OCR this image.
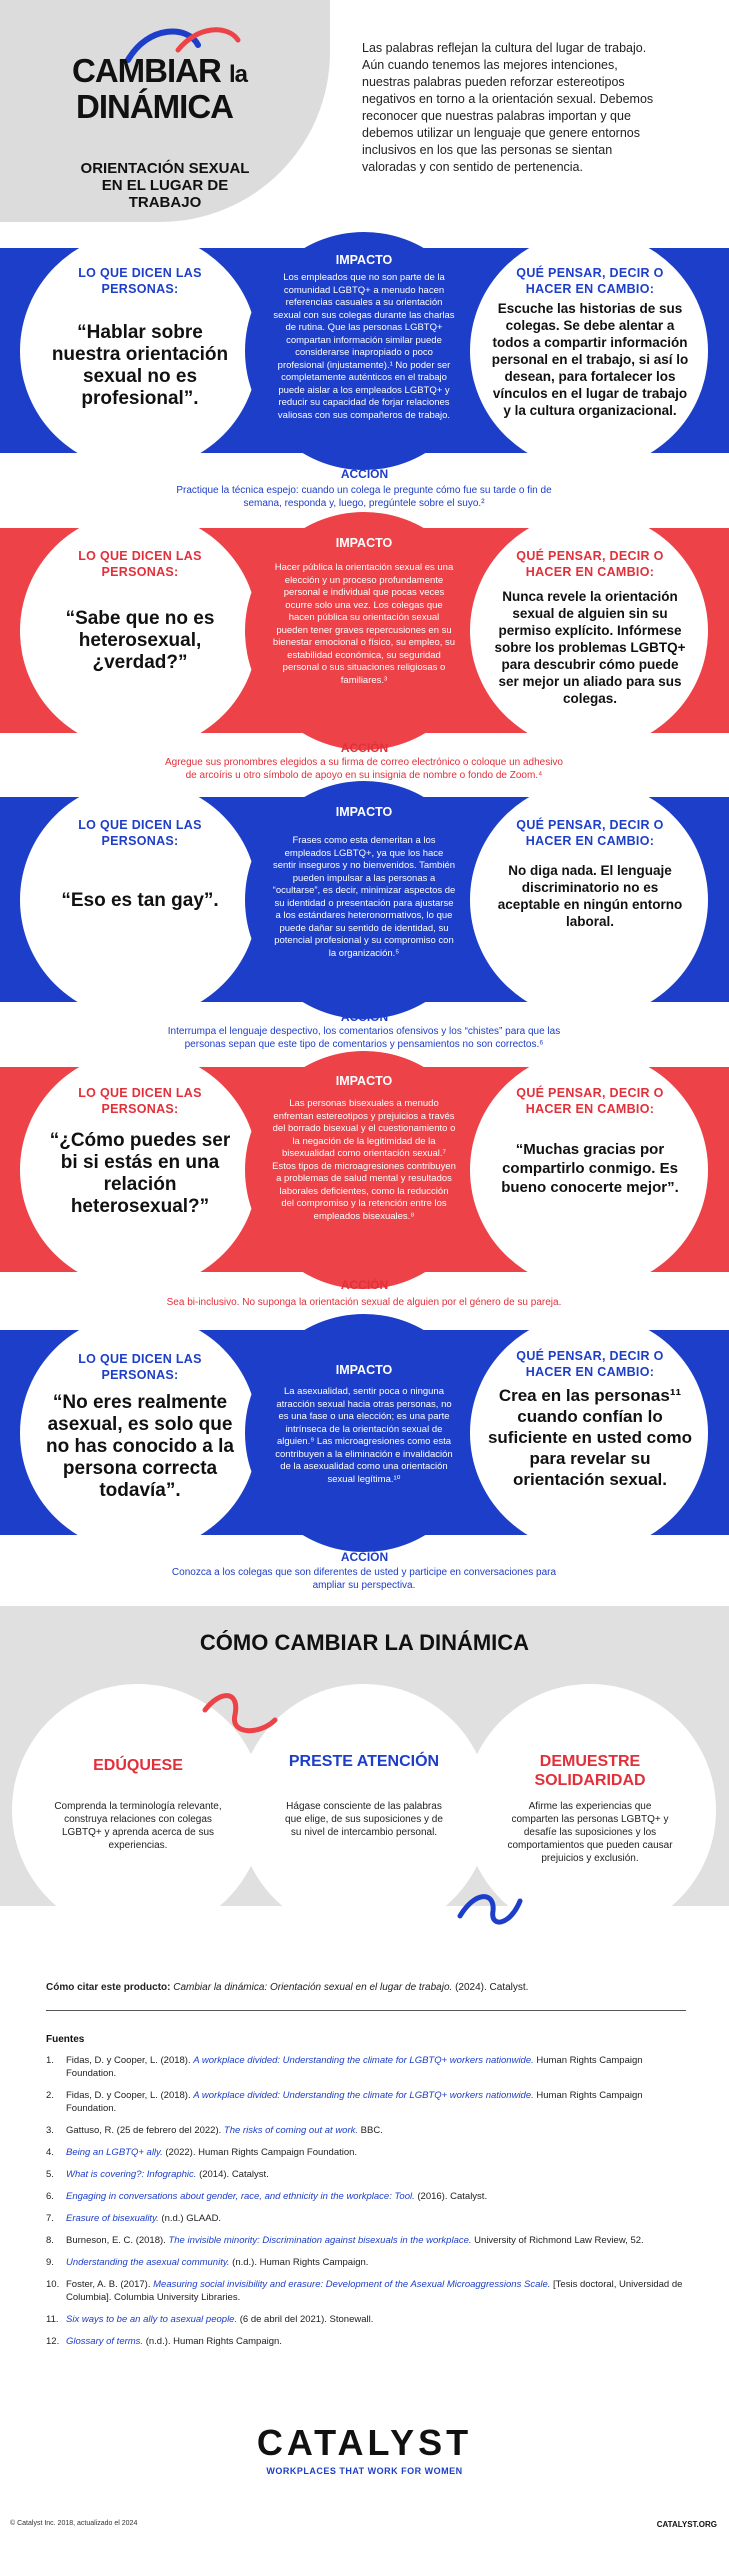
CAMBIAR la
DINÁMICA
ORIENTACIÓN SEXUAL EN EL LUGAR DE TRABAJO
Las palabras reflejan la cultura del lugar de trabajo. Aún cuando tenemos las mejores intenciones, nuestras palabras pueden reforzar estereotipos negativos en torno a la orientación sexual. Debemos reconocer que nuestras palabras importan y que debemos utilizar un lenguaje que genere entornos inclusivos en los que las personas se sientan valoradas y con sentido de pertenencia.
LO QUE DICEN LAS PERSONAS:
“Hablar sobre nuestra orientación sexual no es profesional”.
IMPACTO
Los empleados que no son parte de la comunidad LGBTQ+ a menudo hacen referencias casuales a su orientación sexual con sus colegas durante las charlas de rutina. Que las personas LGBTQ+ compartan información similar puede considerarse inapropiado o poco profesional (injustamente).¹ No poder ser completamente auténticos en el trabajo puede aislar a los empleados LGBTQ+ y reducir su capacidad de forjar relaciones valiosas con sus compañeros de trabajo.
QUÉ PENSAR, DECIR O HACER EN CAMBIO:
Escuche las historias de sus colegas. Se debe alentar a todos a compartir información personal en el trabajo, si así lo desean, para fortalecer los vínculos en el lugar de trabajo y la cultura organizacional.
ACCIÓN
Practique la técnica espejo: cuando un colega le pregunte cómo fue su tarde o fin de semana, responda y, luego, pregúntele sobre el suyo.²
LO QUE DICEN LAS PERSONAS:
“Sabe que no es heterosexual, ¿verdad?”
IMPACTO
Hacer pública la orientación sexual es una elección y un proceso profundamente personal e individual que pocas veces ocurre solo una vez. Los colegas que hacen pública su orientación sexual pueden tener graves repercusiones en su bienestar emocional o físico, su empleo, su estabilidad económica, su seguridad personal o sus situaciones religiosas o familiares.³
QUÉ PENSAR, DECIR O HACER EN CAMBIO:
Nunca revele la orientación sexual de alguien sin su permiso explícito. Infórmese sobre los problemas LGBTQ+ para descubrir cómo puede ser mejor un aliado para sus colegas.
ACCIÓN
Agregue sus pronombres elegidos a su firma de correo electrónico o coloque un adhesivo de arcoíris u otro símbolo de apoyo en su insignia de nombre o fondo de Zoom.⁴
LO QUE DICEN LAS PERSONAS:
“Eso es tan gay”.
IMPACTO
Frases como esta demeritan a los empleados LGBTQ+, ya que los hace sentir inseguros y no bienvenidos. También pueden impulsar a las personas a “ocultarse”, es decir, minimizar aspectos de su identidad o presentación para ajustarse a los estándares heteronormativos, lo que puede dañar su sentido de identidad, su potencial profesional y su compromiso con la organización.⁵
QUÉ PENSAR, DECIR O HACER EN CAMBIO:
No diga nada. El lenguaje discriminatorio no es aceptable en ningún entorno laboral.
ACCIÓN
Interrumpa el lenguaje despectivo, los comentarios ofensivos y los “chistes” para que las personas sepan que este tipo de comentarios y pensamientos no son correctos.⁶
LO QUE DICEN LAS PERSONAS:
“¿Cómo puedes ser bi si estás en una relación heterosexual?”
IMPACTO
Las personas bisexuales a menudo enfrentan estereotipos y prejuicios a través del borrado bisexual y el cuestionamiento o la negación de la legitimidad de la bisexualidad como orientación sexual.⁷ Estos tipos de microagresiones contribuyen a problemas de salud mental y resultados laborales deficientes, como la reducción del compromiso y la retención entre los empleados bisexuales.⁸
QUÉ PENSAR, DECIR O HACER EN CAMBIO:
“Muchas gracias por compartirlo conmigo. Es bueno conocerte mejor”.
ACCIÓN
Sea bi-inclusivo. No suponga la orientación sexual de alguien por el género de su pareja.
LO QUE DICEN LAS PERSONAS:
“No eres realmente asexual, es solo que no has conocido a la persona correcta todavía”.
IMPACTO
La asexualidad, sentir poca o ninguna atracción sexual hacia otras personas, no es una fase o una elección; es una parte intrínseca de la orientación sexual de alguien.⁹ Las microagresiones como esta contribuyen a la eliminación e invalidación de la asexualidad como una orientación sexual legítima.¹⁰
QUÉ PENSAR, DECIR O HACER EN CAMBIO:
Crea en las personas¹¹ cuando confían lo suficiente en usted como para revelar su orientación sexual.
ACCIÓN
Conozca a los colegas que son diferentes de usted y participe en conversaciones para ampliar su perspectiva.
CÓMO CAMBIAR LA DINÁMICA
EDÚQUESE
Comprenda la terminología relevante, construya relaciones con colegas LGBTQ+ y aprenda acerca de sus experiencias.
PRESTE ATENCIÓN
Hágase consciente de las palabras que elige, de sus suposiciones y de su nivel de intercambio personal.
DEMUESTRE SOLIDARIDAD
Afirme las experiencias que comparten las personas LGBTQ+ y desafíe las suposiciones y los comportamientos que pueden causar prejuicios y exclusión.
Cómo citar este producto: Cambiar la dinámica: Orientación sexual en el lugar de trabajo. (2024). Catalyst.
Fuentes
1.	Fidas, D. y Cooper, L. (2018). A workplace divided: Understanding the climate for LGBTQ+ workers nationwide. Human Rights Campaign Foundation.
2.	Fidas, D. y Cooper, L. (2018). A workplace divided: Understanding the climate for LGBTQ+ workers nationwide. Human Rights Campaign Foundation.
3.	Gattuso, R. (25 de febrero del 2022). The risks of coming out at work. BBC.
4.	Being an LGBTQ+ ally. (2022). Human Rights Campaign Foundation.
5.	What is covering?: Infographic. (2014). Catalyst.
6.	Engaging in conversations about gender, race, and ethnicity in the workplace: Tool. (2016). Catalyst.
7.	Erasure of bisexuality. (n.d.) GLAAD.
8.	Burneson, E. C. (2018). The invisible minority: Discrimination against bisexuals in the workplace. University of Richmond Law Review, 52.
9.	Understanding the asexual community. (n.d.). Human Rights Campaign.
10. Foster, A. B. (2017). Measuring social invisibility and erasure: Development of the Asexual Microaggressions Scale. [Tesis doctoral, Universidad de Columbia]. Columbia University Libraries.
11. Six ways to be an ally to asexual people. (6 de abril del 2021). Stonewall.
12. Glossary of terms. (n.d.). Human Rights Campaign.
CATALYST
WORKPLACES THAT WORK FOR WOMEN
© Catalyst Inc. 2018, actualizado el 2024	CATALYST.ORG
